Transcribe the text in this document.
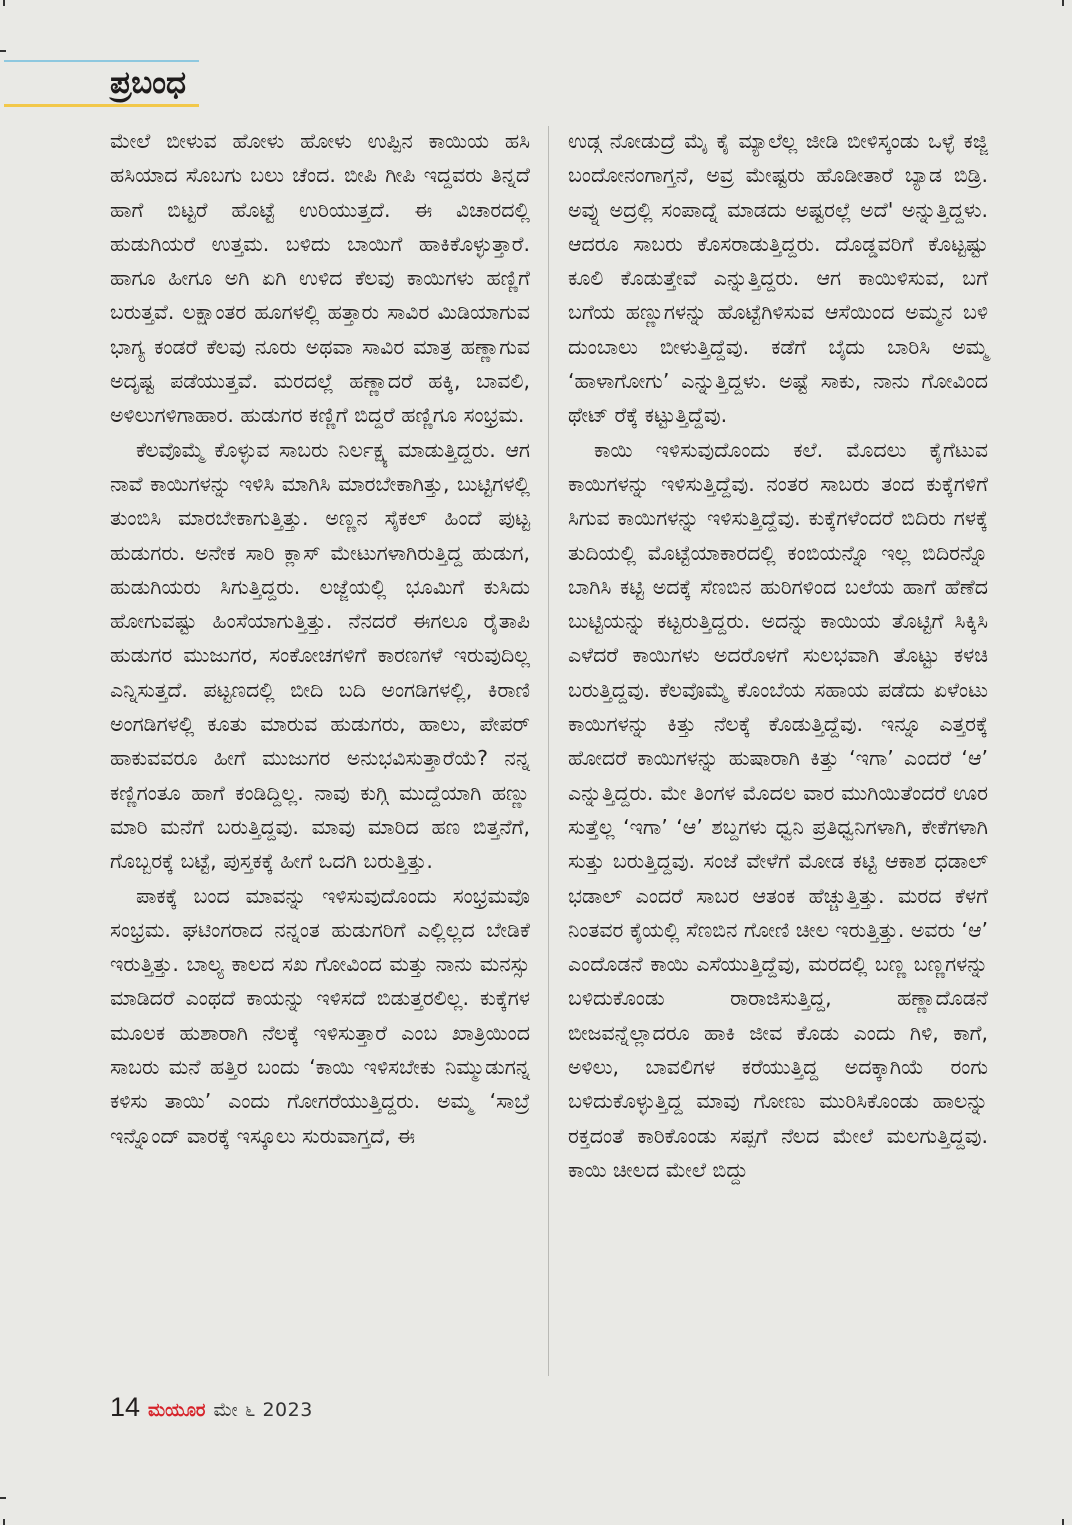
ಪ್ರಬಂಧ

ಮೇಲೆ ಬೀಳುವ ಹೋಳು ಹೋಳು ಉಪ್ಪಿನ ಕಾಯಿಯ ಹಸಿ ಹಸಿಯಾದ ಸೊಬಗು ಬಲು ಚೆಂದ. ಬೀಪಿ ಗೀಪಿ ಇದ್ದವರು ತಿನ್ನದೆ ಹಾಗೆ ಬಿಟ್ಟರೆ ಹೊಟ್ಟೆ ಉರಿಯುತ್ತದೆ. ಈ ವಿಚಾರದಲ್ಲಿ ಹುಡುಗಿಯರೆ ಉತ್ತಮ. ಬಳಿದು ಬಾಯಿಗೆ ಹಾಕಿಕೊಳ್ಳುತ್ತಾರೆ. ಹಾಗೂ ಹೀಗೂ ಅಗಿ ಏಗಿ ಉಳಿದ ಕೆಲವು ಕಾಯಿಗಳು ಹಣ್ಣಿಗೆ ಬರುತ್ತವೆ. ಲಕ್ಷಾಂತರ ಹೂಗಳಲ್ಲಿ ಹತ್ತಾರು ಸಾವಿರ ಮಿಡಿಯಾಗುವ ಭಾಗ್ಯ ಕಂಡರೆ ಕೆಲವು ನೂರು ಅಥವಾ ಸಾವಿರ ಮಾತ್ರ ಹಣ್ಣಾಗುವ ಅದೃಷ್ಟ ಪಡೆಯುತ್ತವೆ. ಮರದಲ್ಲೆ ಹಣ್ಣಾದರೆ ಹಕ್ಕಿ, ಬಾವಲಿ, ಅಳಿಲುಗಳಿಗಾಹಾರ. ಹುಡುಗರ ಕಣ್ಣಿಗೆ ಬಿದ್ದರೆ ಹಣ್ಣಿಗೂ ಸಂಭ್ರಮ.

ಕೆಲವೊಮ್ಮೆ ಕೊಳ್ಳುವ ಸಾಬರು ನಿರ್ಲಕ್ಷ್ಯ ಮಾಡುತ್ತಿದ್ದರು. ಆಗ ನಾವೆ ಕಾಯಿಗಳನ್ನು ಇಳಿಸಿ ಮಾಗಿಸಿ ಮಾರಬೇಕಾಗಿತ್ತು, ಬುಟ್ಟಿಗಳಲ್ಲಿ ತುಂಬಿಸಿ ಮಾರಬೇಕಾಗುತ್ತಿತ್ತು. ಅಣ್ಣನ ಸೈಕಲ್ ಹಿಂದೆ ಪುಟ್ಟ ಹುಡುಗರು. ಅನೇಕ ಸಾರಿ ಕ್ಲಾಸ್ ಮೇಟುಗಳಾಗಿರುತ್ತಿದ್ದ ಹುಡುಗ, ಹುಡುಗಿಯರು ಸಿಗುತ್ತಿದ್ದರು. ಲಜ್ಜೆಯಲ್ಲಿ ಭೂಮಿಗೆ ಕುಸಿದು ಹೋಗುವಷ್ಟು ಹಿಂಸೆಯಾಗುತ್ತಿತ್ತು. ನೆನದರೆ ಈಗಲೂ ರೈತಾಪಿ ಹುಡುಗರ ಮುಜುಗರ, ಸಂಕೋಚಗಳಿಗೆ ಕಾರಣಗಳೆ ಇರುವುದಿಲ್ಲ ಎನ್ನಿಸುತ್ತದೆ. ಪಟ್ಟಣದಲ್ಲಿ ಬೀದಿ ಬದಿ ಅಂಗಡಿಗಳಲ್ಲಿ, ಕಿರಾಣಿ ಅಂಗಡಿಗಳಲ್ಲಿ ಕೂತು ಮಾರುವ ಹುಡುಗರು, ಹಾಲು, ಪೇಪರ್ ಹಾಕುವವರೂ ಹೀಗೆ ಮುಜುಗರ ಅನುಭವಿಸುತ್ತಾರೆಯೆ? ನನ್ನ ಕಣ್ಣಿಗಂತೂ ಹಾಗೆ ಕಂಡಿದ್ದಿಲ್ಲ. ನಾವು ಕುಗ್ಗಿ ಮುದ್ದೆಯಾಗಿ ಹಣ್ಣು ಮಾರಿ ಮನೆಗೆ ಬರುತ್ತಿದ್ದವು. ಮಾವು ಮಾರಿದ ಹಣ ಬಿತ್ತನೆಗೆ, ಗೊಬ್ಬರಕ್ಕೆ ಬಟ್ಟೆ, ಪುಸ್ತಕಕ್ಕೆ ಹೀಗೆ ಒದಗಿ ಬರುತ್ತಿತ್ತು.

ಪಾಕಕ್ಕೆ ಬಂದ ಮಾವನ್ನು ಇಳಿಸುವುದೊಂದು ಸಂಭ್ರಮವೊ ಸಂಭ್ರಮ. ಘಟಿಂಗರಾದ ನನ್ನಂತ ಹುಡುಗರಿಗೆ ಎಲ್ಲಿಲ್ಲದ ಬೇಡಿಕೆ ಇರುತ್ತಿತ್ತು. ಬಾಲ್ಯ ಕಾಲದ ಸಖ ಗೋವಿಂದ ಮತ್ತು ನಾನು ಮನಸ್ಸು ಮಾಡಿದರೆ ಎಂಥದೆ ಕಾಯನ್ನು ಇಳಿಸದೆ ಬಿಡುತ್ತರಲಿಲ್ಲ. ಕುಕ್ಕೆಗಳ ಮೂಲಕ ಹುಶಾರಾಗಿ ನೆಲಕ್ಕೆ ಇಳಿಸುತ್ತಾರೆ ಎಂಬ ಖಾತ್ರಿಯಿಂದ ಸಾಬರು ಮನೆ ಹತ್ತಿರ ಬಂದು ‘ಕಾಯಿ ಇಳಿಸಬೇಕು ನಿಮ್ಮುಡುಗನ್ನ ಕಳಿಸು ತಾಯಿ’ ಎಂದು ಗೋಗರೆಯುತ್ತಿದ್ದರು. ಅಮ್ಮ ‘ಸಾಬ್ರೆ ಇನ್ನೊಂದ್ ವಾರಕ್ಕೆ ಇಸ್ಕೂಲು ಸುರುವಾಗ್ತದೆ, ಈ

ಉಡ್ಗ ನೋಡುದ್ರೆ ಮೈ ಕೈ ಮ್ಯಾಲೆಲ್ಲ ಜೀಡಿ ಬೀಳಿಸ್ಕಂಡು ಒಳ್ಳೆ ಕಜ್ಜಿ ಬಂದೋನಂಗಾಗ್ತನೆ, ಅವ್ರ ಮೇಷ್ಟರು ಹೊಡೀತಾರೆ ಬ್ಯಾಡ ಬಿಡ್ರಿ. ಅವ್ನು ಅದ್ರಲ್ಲಿ ಸಂಪಾದ್ನೆ ಮಾಡದು ಅಷ್ಟರಲ್ಲೆ ಅದೆ' ಅನ್ನುತ್ತಿದ್ದಳು. ಆದರೂ ಸಾಬರು ಕೊಸರಾಡುತ್ತಿದ್ದರು. ದೊಡ್ಡವರಿಗೆ ಕೊಟ್ಟಷ್ಟು ಕೂಲಿ ಕೊಡುತ್ತೇವೆ ಎನ್ನುತ್ತಿದ್ದರು. ಆಗ ಕಾಯಿಳಿಸುವ, ಬಗೆ ಬಗೆಯ ಹಣ್ಣುಗಳನ್ನು ಹೊಟ್ಟೆಗಿಳಿಸುವ ಆಸೆಯಿಂದ ಅಮ್ಮನ ಬಳಿ ದುಂಬಾಲು ಬೀಳುತ್ತಿದ್ದೆವು. ಕಡೆಗೆ ಬೈದು ಬಾರಿಸಿ ಅಮ್ಮ ‘ಹಾಳಾಗೋಗು’ ಎನ್ನುತ್ತಿದ್ದಳು. ಅಷ್ಟೆ ಸಾಕು, ನಾನು ಗೋವಿಂದ ಥೇಟ್ ರೆಕ್ಕೆ ಕಟ್ಟುತ್ತಿದ್ದೆವು.

ಕಾಯಿ ಇಳಿಸುವುದೊಂದು ಕಲೆ. ಮೊದಲು ಕೈಗೆಟುವ ಕಾಯಿಗಳನ್ನು ಇಳಿಸುತ್ತಿದ್ದೆವು. ನಂತರ ಸಾಬರು ತಂದ ಕುಕ್ಕೆಗಳಿಗೆ ಸಿಗುವ ಕಾಯಿಗಳನ್ನು ಇಳಿಸುತ್ತಿದ್ದೆವು. ಕುಕ್ಕೆಗಳೆಂದರೆ ಬಿದಿರು ಗಳಕ್ಕೆ ತುದಿಯಲ್ಲಿ ಮೊಟ್ಟೆಯಾಕಾರದಲ್ಲಿ ಕಂಬಿಯನ್ನೊ ಇಲ್ಲ ಬಿದಿರನ್ನೊ ಬಾಗಿಸಿ ಕಟ್ಟಿ ಅದಕ್ಕೆ ಸೆಣಬಿನ ಹುರಿಗಳಿಂದ ಬಲೆಯ ಹಾಗೆ ಹೆಣೆದ ಬುಟ್ಟಿಯನ್ನು ಕಟ್ಟರುತ್ತಿದ್ದರು. ಅದನ್ನು ಕಾಯಿಯ ತೊಟ್ಟಿಗೆ ಸಿಕ್ಕಿಸಿ ಎಳೆದರೆ ಕಾಯಿಗಳು ಅದರೊಳಗೆ ಸುಲಭವಾಗಿ ತೊಟ್ಟು ಕಳಚಿ ಬರುತ್ತಿದ್ದವು. ಕೆಲವೊಮ್ಮೆ ಕೊಂಬೆಯ ಸಹಾಯ ಪಡೆದು ಏಳೆಂಟು ಕಾಯಿಗಳನ್ನು ಕಿತ್ತು ನೆಲಕ್ಕೆ ಕೊಡುತ್ತಿದ್ದೆವು. ಇನ್ನೂ ಎತ್ತರಕ್ಕೆ ಹೋದರೆ ಕಾಯಿಗಳನ್ನು ಹುಷಾರಾಗಿ ಕಿತ್ತು ‘ಇಗಾ’ ಎಂದರೆ ‘ಆ’ ಎನ್ನುತ್ತಿದ್ದರು. ಮೇ ತಿಂಗಳ ಮೊದಲ ವಾರ ಮುಗಿಯಿತೆಂದರೆ ಊರ ಸುತ್ತೆಲ್ಲ ‘ಇಗಾ’ ‘ಆ’ ಶಬ್ದಗಳು ಧ್ವನಿ ಪ್ರತಿಧ್ವನಿಗಳಾಗಿ, ಕೇಕೆಗಳಾಗಿ ಸುತ್ತು ಬರುತ್ತಿದ್ದವು. ಸಂಜೆ ವೇಳೆಗೆ ಮೋಡ ಕಟ್ಟಿ ಆಕಾಶ ಧಡಾಲ್ ಭಡಾಲ್ ಎಂದರೆ ಸಾಬರ ಆತಂಕ ಹೆಚ್ಚುತ್ತಿತ್ತು. ಮರದ ಕೆಳಗೆ ನಿಂತವರ ಕೈಯಲ್ಲಿ ಸೆಣಬಿನ ಗೋಣಿ ಚೀಲ ಇರುತ್ತಿತ್ತು. ಅವರು ‘ಆ’ ಎಂದೊಡನೆ ಕಾಯಿ ಎಸೆಯುತ್ತಿದ್ದೆವು, ಮರದಲ್ಲಿ ಬಣ್ಣ ಬಣ್ಣಗಳನ್ನು ಬಳಿದುಕೊಂಡು ರಾರಾಜಿಸುತ್ತಿದ್ದ, ಹಣ್ಣಾದೊಡನೆ ಬೀಜವನ್ನೆಲ್ಲಾದರೂ ಹಾಕಿ ಜೀವ ಕೊಡು ಎಂದು ಗಿಳಿ, ಕಾಗೆ, ಅಳಿಲು, ಬಾವಲಿಗಳ ಕರೆಯುತ್ತಿದ್ದ ಅದಕ್ಕಾಗಿಯೆ ರಂಗು ಬಳಿದುಕೊಳ್ಳುತ್ತಿದ್ದ ಮಾವು ಗೋಣು ಮುರಿಸಿಕೊಂಡು ಹಾಲನ್ನು ರಕ್ತದಂತೆ ಕಾರಿಕೊಂಡು ಸಪ್ಪಗೆ ನೆಲದ ಮೇಲೆ ಮಲಗುತ್ತಿದ್ದವು. ಕಾಯಿ ಚೀಲದ ಮೇಲೆ ಬಿದ್ದು

14 ಮಯೂರ ಮೇ ೬ 2023
